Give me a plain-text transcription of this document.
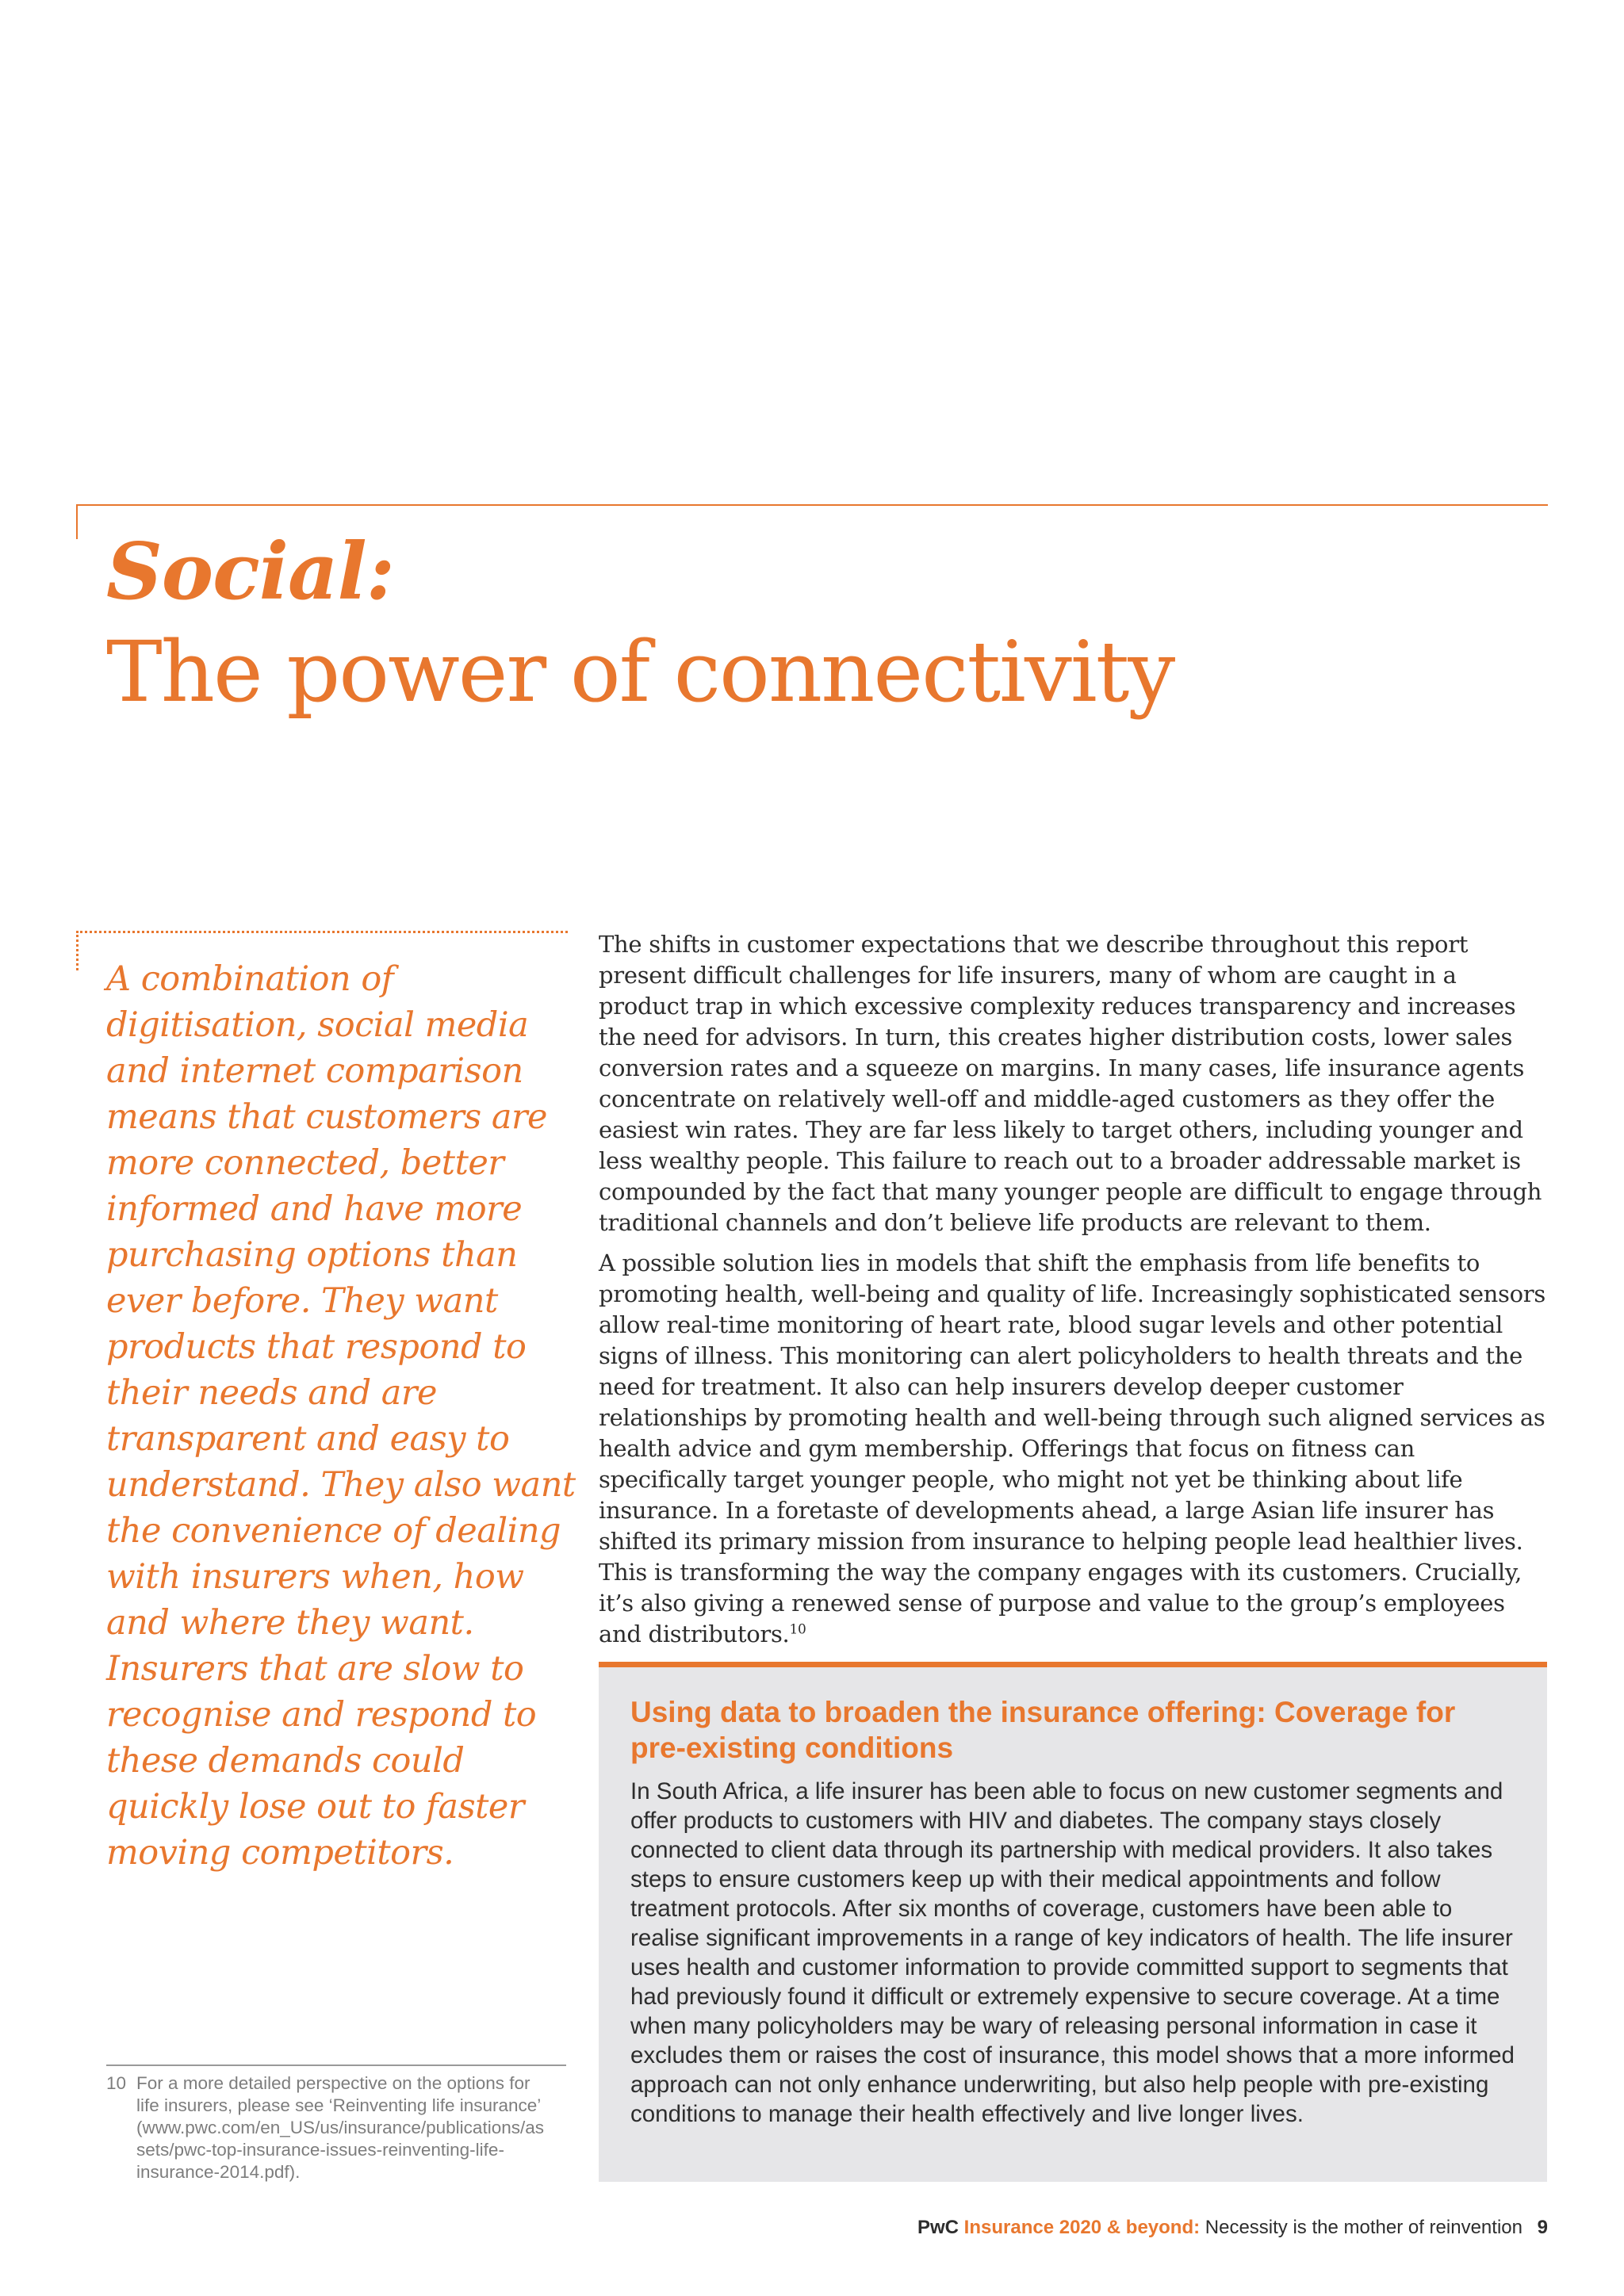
Social:
The power of connectivity
A combination of digitisation, social media and internet comparison means that customers are more connected, better informed and have more purchasing options than ever before. They want products that respond to their needs and are transparent and easy to understand. They also want the convenience of dealing with insurers when, how and where they want. Insurers that are slow to recognise and respond to these demands could quickly lose out to faster moving competitors.

The shifts in customer expectations that we describe throughout this report present difficult challenges for life insurers, many of whom are caught in a product trap in which excessive complexity reduces transparency and increases the need for advisors. In turn, this creates higher distribution costs, lower sales conversion rates and a squeeze on margins. In many cases, life insurance agents concentrate on relatively well-off and middle-aged customers as they offer the easiest win rates. They are far less likely to target others, including younger and less wealthy people. This failure to reach out to a broader addressable market is compounded by the fact that many younger people are difficult to engage through traditional channels and don’t believe life products are relevant to them.

A possible solution lies in models that shift the emphasis from life benefits to promoting health, well-being and quality of life. Increasingly sophisticated sensors allow real-time monitoring of heart rate, blood sugar levels and other potential signs of illness. This monitoring can alert policyholders to health threats and the need for treatment. It also can help insurers develop deeper customer relationships by promoting health and well-being through such aligned services as health advice and gym membership. Offerings that focus on fitness can specifically target younger people, who might not yet be thinking about life insurance. In a foretaste of developments ahead, a large Asian life insurer has shifted its primary mission from insurance to helping people lead healthier lives. This is transforming the way the company engages with its customers. Crucially, it’s also giving a renewed sense of purpose and value to the group’s employees and distributors.$^{10}$

Using data to broaden the insurance offering: Coverage for pre-existing conditions

In South Africa, a life insurer has been able to focus on new customer segments and offer products to customers with HIV and diabetes. The company stays closely connected to client data through its partnership with medical providers. It also takes steps to ensure customers keep up with their medical appointments and follow treatment protocols. After six months of coverage, customers have been able to realise significant improvements in a range of key indicators of health. The life insurer uses health and customer information to provide committed support to segments that had previously found it difficult or extremely expensive to secure coverage. At a time when many policyholders may be wary of releasing personal information in case it excludes them or raises the cost of insurance, this model shows that a more informed approach can not only enhance underwriting, but also help people with pre-existing conditions to manage their health effectively and live longer lives.

10 For a more detailed perspective on the options for life insurers, please see ‘Reinventing life insurance’ (www.pwc.com/en_US/us/insurance/publications/assets/pwc-top-insurance-issues-reinventing-life-insurance-2014.pdf).
PwC Insurance 2020 & beyond: Necessity is the mother of reinvention 9
